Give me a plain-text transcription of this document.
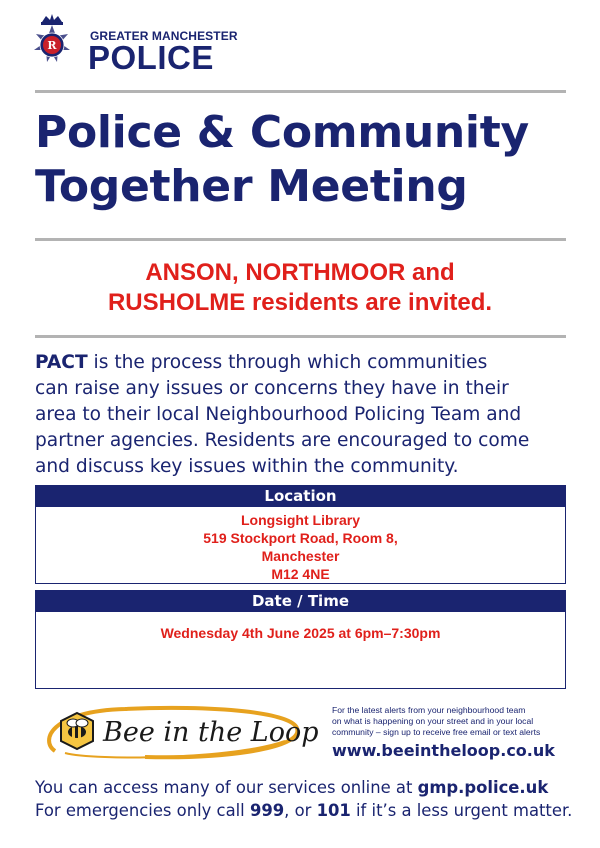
R
GREATER MANCHESTER
POLICE
Police & Community
Together Meeting
ANSON, NORTHMOOR and
RUSHOLME residents are invited.
PACT is the process through which communities
can raise any issues or concerns they have in their
area to their local Neighbourhood Policing Team and
partner agencies. Residents are encouraged to come
and discuss key issues within the community.
Location
Longsight Library
519 Stockport Road, Room 8,
Manchester
M12 4NE
Date / Time
Wednesday 4th June 2025 at 6pm–7:30pm
Bee in the Loop
For the latest alerts from your neighbourhood team
on what is happening on your street and in your local
community – sign up to receive free email or text alerts
www.beeintheloop.co.uk
You can access many of our services online at gmp.police.uk
For emergencies only call 999, or 101 if it’s a less urgent matter.
